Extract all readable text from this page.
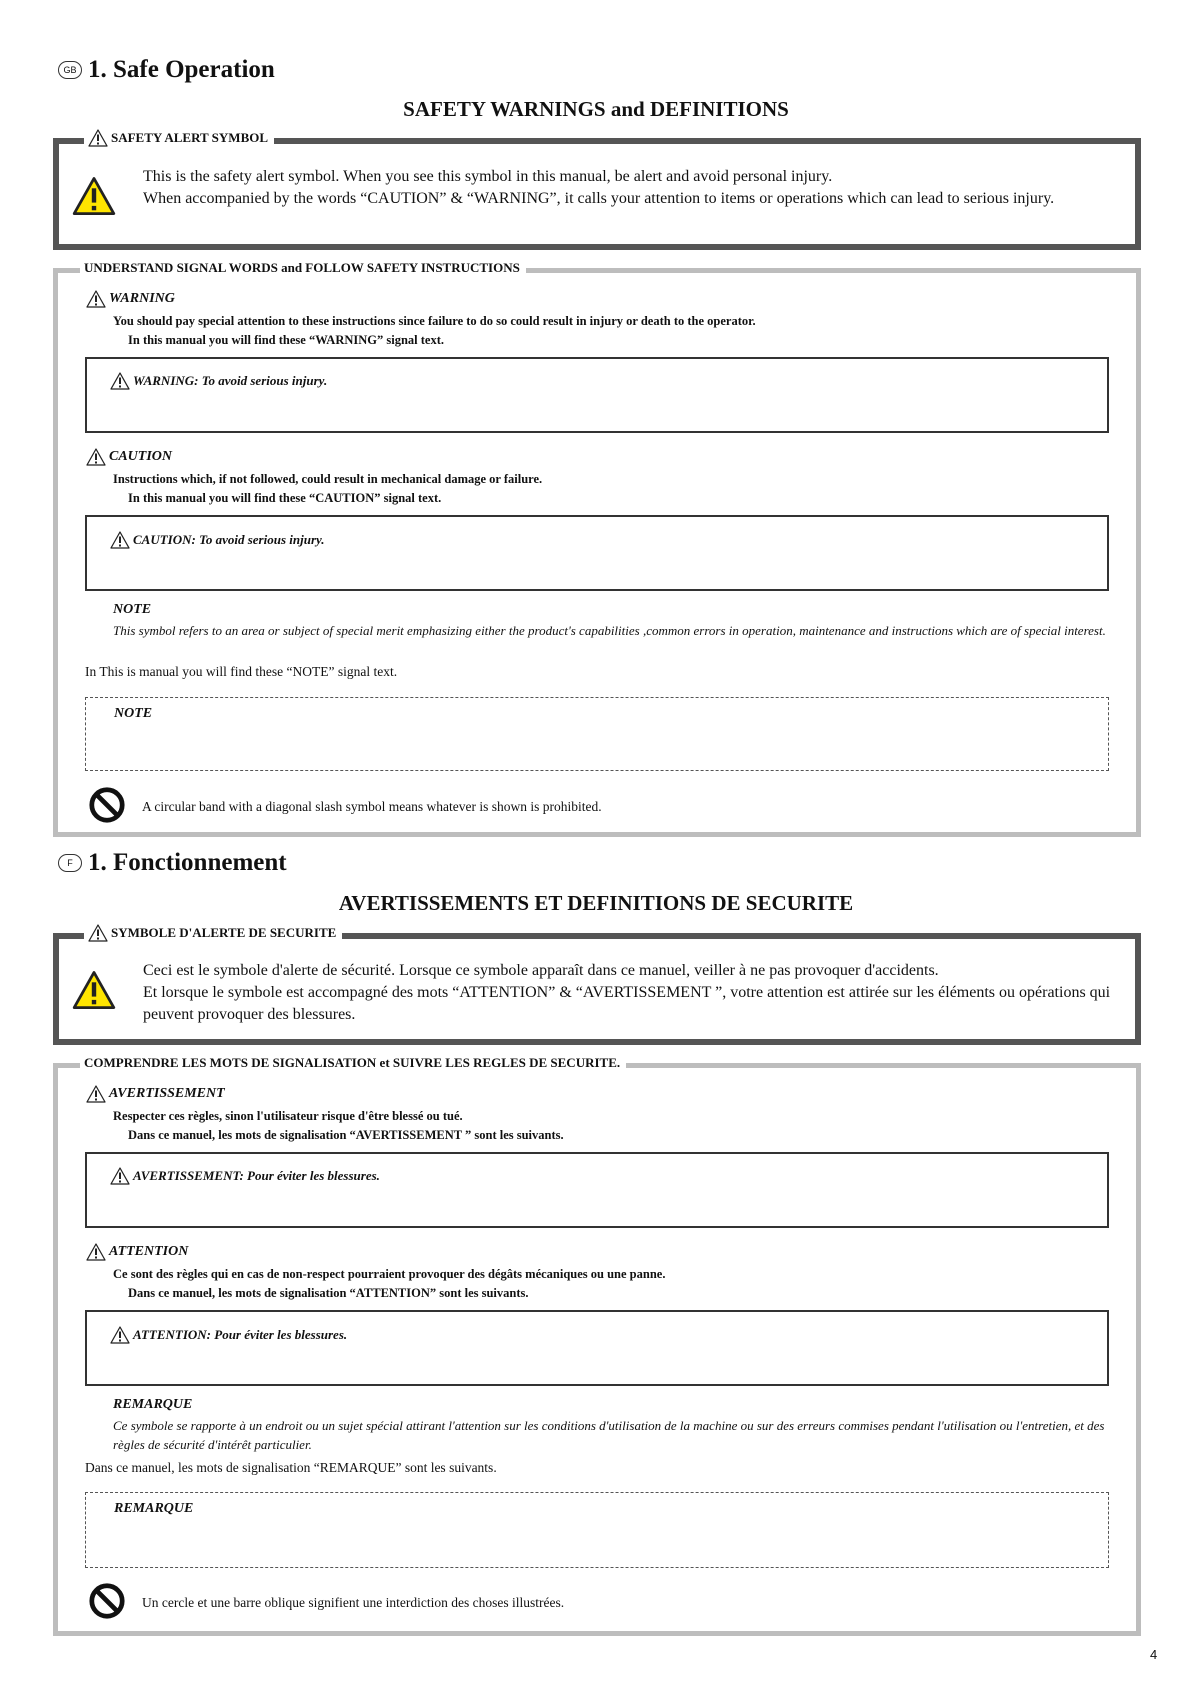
GB 1. Safe Operation
SAFETY WARNINGS and DEFINITIONS
SAFETY ALERT SYMBOL
This is the safety alert symbol. When you see this symbol in this manual, be alert and avoid personal injury.
When accompanied by the words “CAUTION” & “WARNING”, it calls your attention to items or operations which can lead to serious injury.
UNDERSTAND SIGNAL WORDS and FOLLOW SAFETY INSTRUCTIONS
WARNING
You should pay special attention to these instructions since failure to do so could result in injury or death to the operator.
In this manual you will find these “WARNING” signal text.
WARNING: To avoid serious injury.
CAUTION
Instructions which, if not followed, could result in mechanical damage or failure.
In this manual you will find these “CAUTION” signal text.
CAUTION: To avoid serious injury.
NOTE
This symbol refers to an area or subject of special merit emphasizing either the product's capabilities ,common errors in operation, maintenance and instructions which are of special interest.
In This is manual you will find these “NOTE” signal text.
NOTE
A circular band with a diagonal slash symbol means whatever is shown is prohibited.
F 1. Fonctionnement
AVERTISSEMENTS ET DEFINITIONS DE SECURITE
SYMBOLE D'ALERTE DE SECURITE
Ceci est le symbole d'alerte de sécurité. Lorsque ce symbole apparaît dans ce manuel, veiller à ne pas provoquer d'accidents.
Et lorsque le symbole est accompagné des mots “ATTENTION” & “AVERTISSEMENT ”, votre attention est attirée sur les éléments ou opérations qui peuvent provoquer des blessures.
COMPRENDRE LES MOTS DE SIGNALISATION et SUIVRE LES REGLES DE SECURITE.
AVERTISSEMENT
Respecter ces règles, sinon l'utilisateur risque d'être blessé ou tué.
Dans ce manuel, les mots de signalisation “AVERTISSEMENT ” sont les suivants.
AVERTISSEMENT: Pour éviter les blessures.
ATTENTION
Ce sont des règles qui en cas de non-respect pourraient provoquer des dégâts mécaniques ou une panne.
Dans ce manuel, les mots de signalisation “ATTENTION” sont les suivants.
ATTENTION: Pour éviter les blessures.
REMARQUE
Ce symbole se rapporte à un endroit ou un sujet spécial attirant l'attention sur les conditions d'utilisation de la machine ou sur des erreurs commises pendant l'utilisation ou l'entretien, et des règles de sécurité d'intérêt particulier.
Dans ce manuel, les mots de signalisation “REMARQUE” sont les suivants.
REMARQUE
Un cercle et une barre oblique signifient une interdiction des choses illustrées.
4
